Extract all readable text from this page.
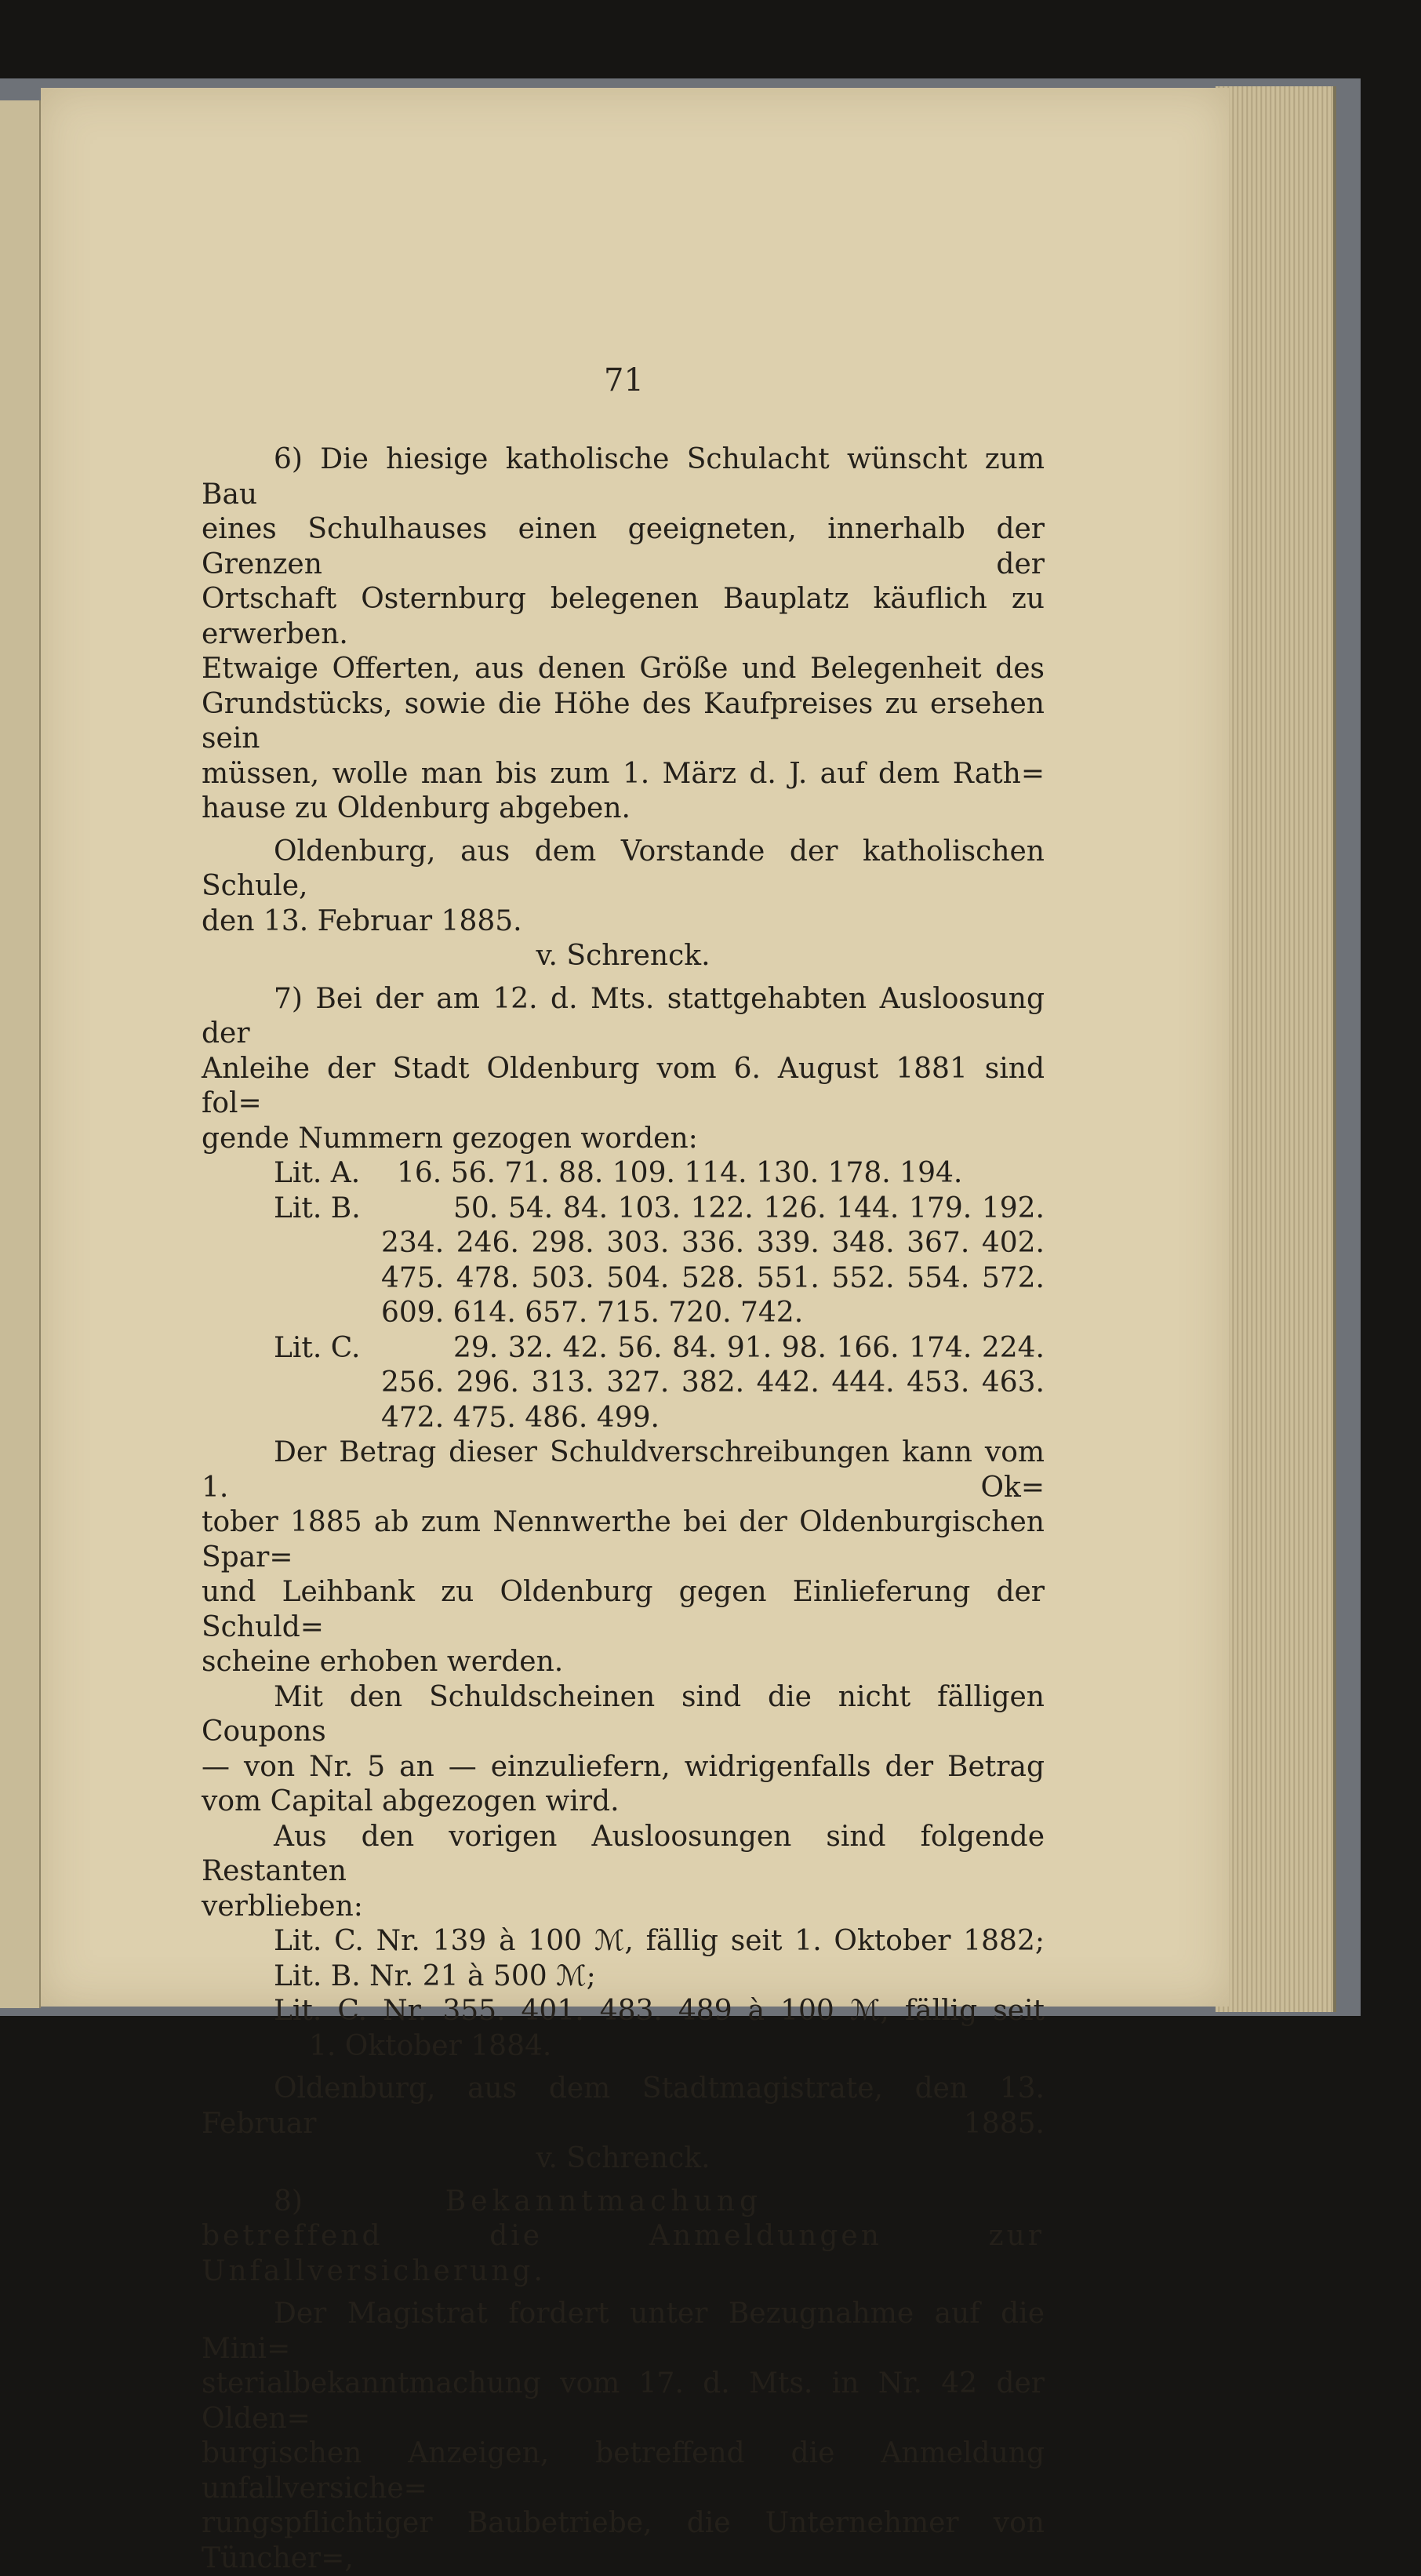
71
6) Die hiesige katholische Schulacht wünscht zum Bau
eines Schulhauses einen geeigneten, innerhalb der Grenzen der
Ortschaft Osternburg belegenen Bauplatz käuflich zu erwerben.
Etwaige Offerten, aus denen Größe und Belegenheit des
Grundstücks, sowie die Höhe des Kaufpreises zu ersehen sein
müssen, wolle man bis zum 1. März d. J. auf dem Rath=
hause zu Oldenburg abgeben.
Oldenburg, aus dem Vorstande der katholischen Schule,
den 13. Februar 1885.
v. Schrenck.
7) Bei der am 12. d. Mts. stattgehabten Ausloosung der
Anleihe der Stadt Oldenburg vom 6. August 1881 sind fol=
gende Nummern gezogen worden:
Lit. A.	16. 56. 71. 88. 109. 114. 130. 178. 194.
Lit. B.	50. 54. 84. 103. 122. 126. 144. 179. 192.
234. 246. 298. 303. 336. 339. 348. 367. 402.
475. 478. 503. 504. 528. 551. 552. 554. 572.
609. 614. 657. 715. 720. 742.
Lit. C.	29. 32. 42. 56. 84. 91. 98. 166. 174. 224.
256. 296. 313. 327. 382. 442. 444. 453. 463.
472. 475. 486. 499.
Der Betrag dieser Schuldverschreibungen kann vom 1. Ok=
tober 1885 ab zum Nennwerthe bei der Oldenburgischen Spar=
und Leihbank zu Oldenburg gegen Einlieferung der Schuld=
scheine erhoben werden.
Mit den Schuldscheinen sind die nicht fälligen Coupons
— von Nr. 5 an — einzuliefern, widrigenfalls der Betrag
vom Capital abgezogen wird.
Aus den vorigen Ausloosungen sind folgende Restanten
verblieben:
Lit. C. Nr. 139 à 100 ℳ, fällig seit 1. Oktober 1882;
Lit. B. Nr. 21 à 500 ℳ;
Lit. C. Nr. 355. 401. 483. 489 à 100 ℳ, fällig seit
1. Oktober 1884.
Oldenburg, aus dem Stadtmagistrate, den 13. Februar 1885.
v. Schrenck.
8)	Bekanntmachung
betreffend die Anmeldungen zur Unfallversicherung.
Der Magistrat fordert unter Bezugnahme auf die Mini=
sterialbekanntmachung vom 17. d. Mts. in Nr. 42 der Olden=
burgischen Anzeigen, betreffend die Anmeldung unfallversiche=
rungspflichtiger Baubetriebe, die Unternehmer von Tüncher=,
